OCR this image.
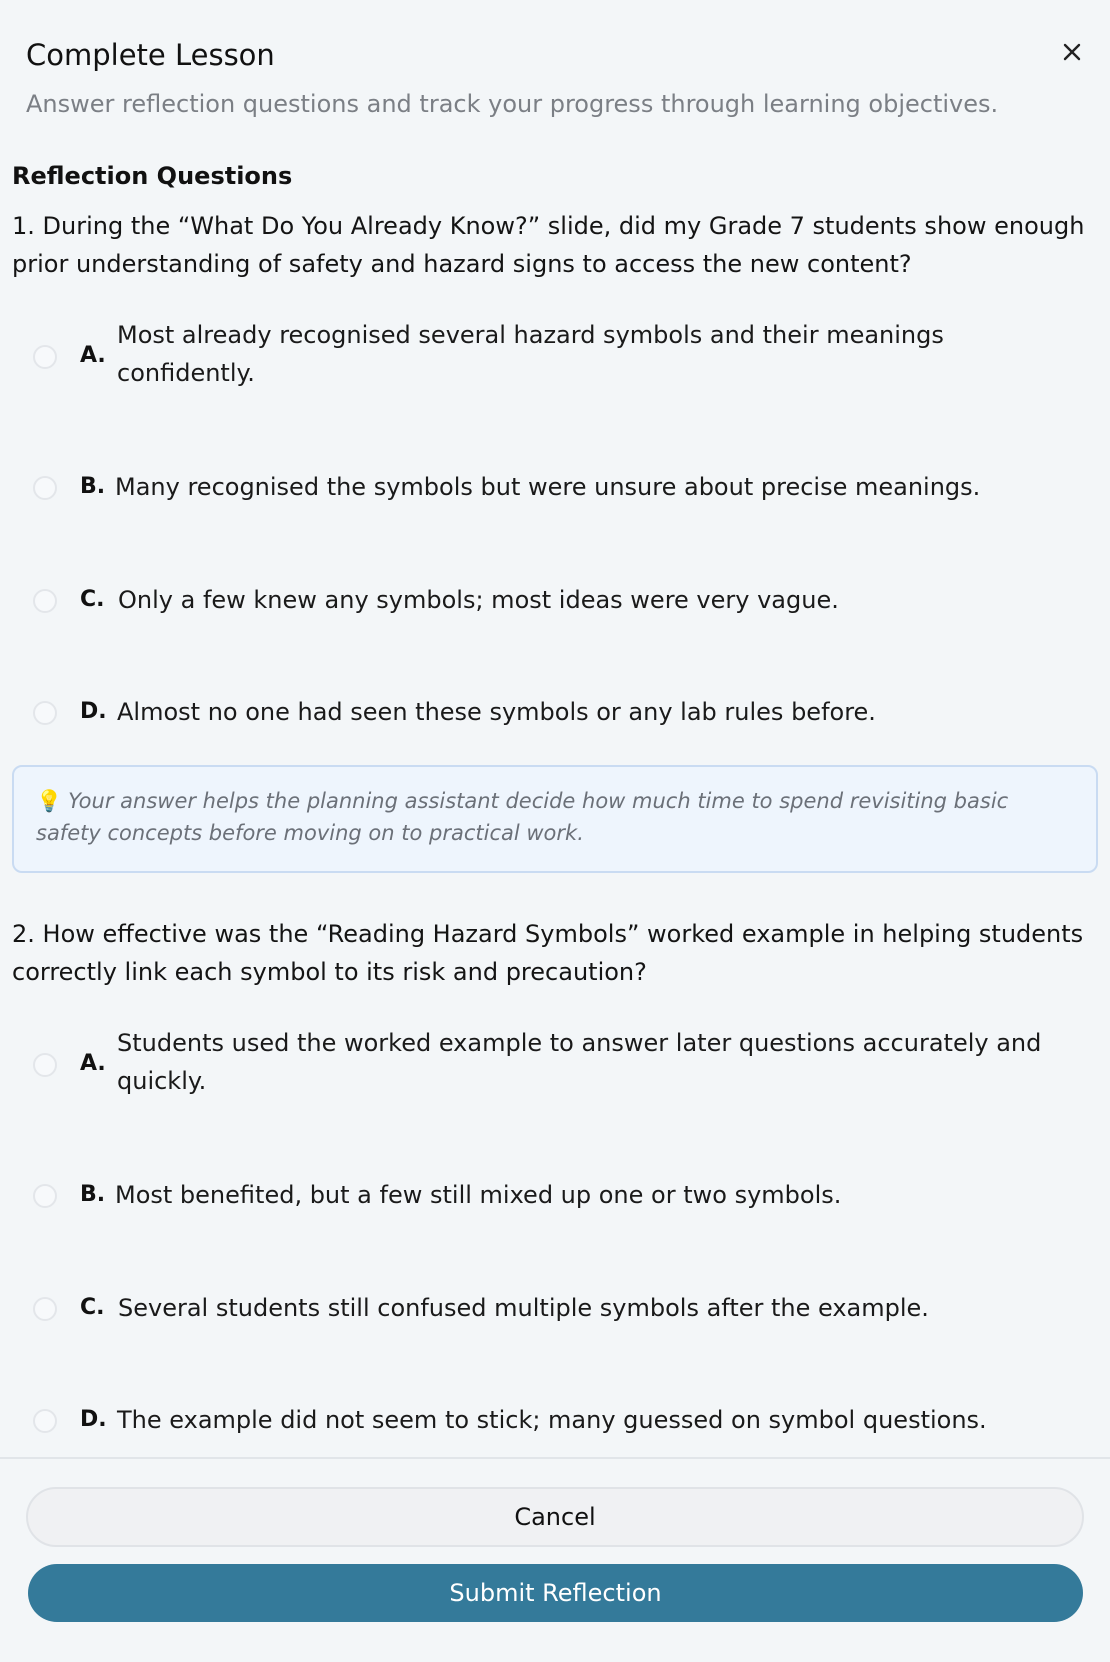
Complete Lesson
Answer reflection questions and track your progress through learning objectives.
Reflection Questions
1. During the “What Do You Already Know?” slide, did my Grade 7 students show enough prior understanding of safety and hazard signs to access the new content?
A.
Most already recognised several hazard symbols and their meanings confidently.
B. Many recognised the symbols but were unsure about precise meanings.
C. Only a few knew any symbols; most ideas were very vague.
D. Almost no one had seen these symbols or any lab rules before.
💡 Your answer helps the planning assistant decide how much time to spend revisiting basic safety concepts before moving on to practical work.
2. How effective was the “Reading Hazard Symbols” worked example in helping students correctly link each symbol to its risk and precaution?
A.
Students used the worked example to answer later questions accurately and quickly.
B. Most benefited, but a few still mixed up one or two symbols.
C. Several students still confused multiple symbols after the example.
D. The example did not seem to stick; many guessed on symbol questions.
Cancel
Submit Reflection
